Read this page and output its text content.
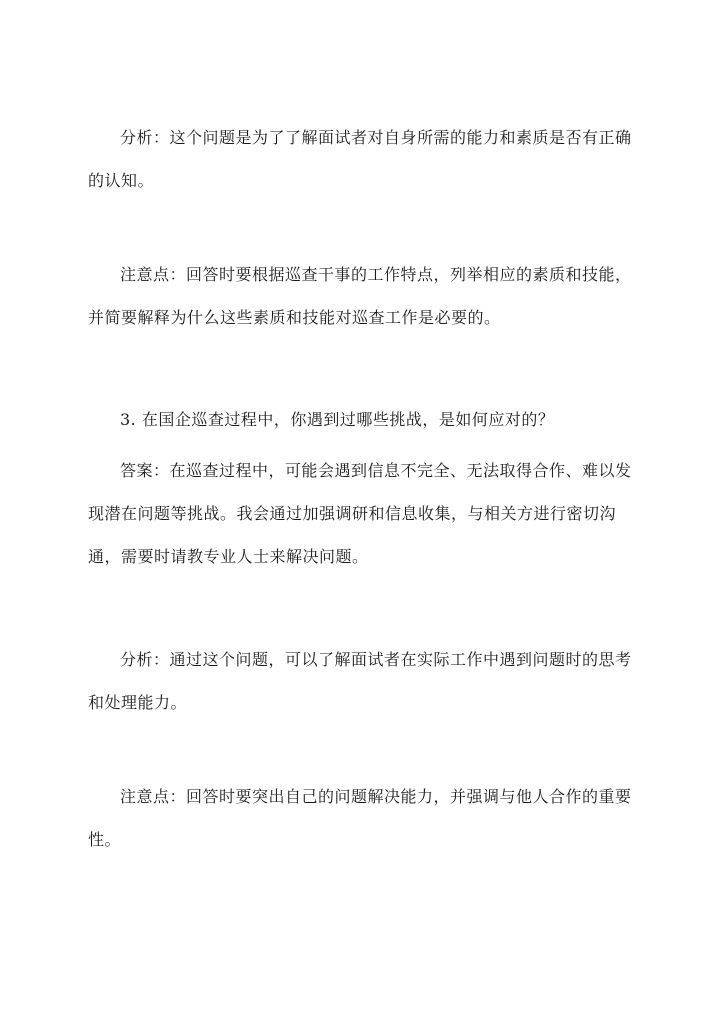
分析：这个问题是为了了解面试者对自身所需的能力和素质是否有正确的认知。

注意点：回答时要根据巡查干事的工作特点，列举相应的素质和技能，并简要解释为什么这些素质和技能对巡查工作是必要的。

3. 在国企巡查过程中，你遇到过哪些挑战，是如何应对的？

答案：在巡查过程中，可能会遇到信息不完全、无法取得合作、难以发现潜在问题等挑战。我会通过加强调研和信息收集，与相关方进行密切沟通，需要时请教专业人士来解决问题。

分析：通过这个问题，可以了解面试者在实际工作中遇到问题时的思考和处理能力。

注意点：回答时要突出自己的问题解决能力，并强调与他人合作的重要性。
